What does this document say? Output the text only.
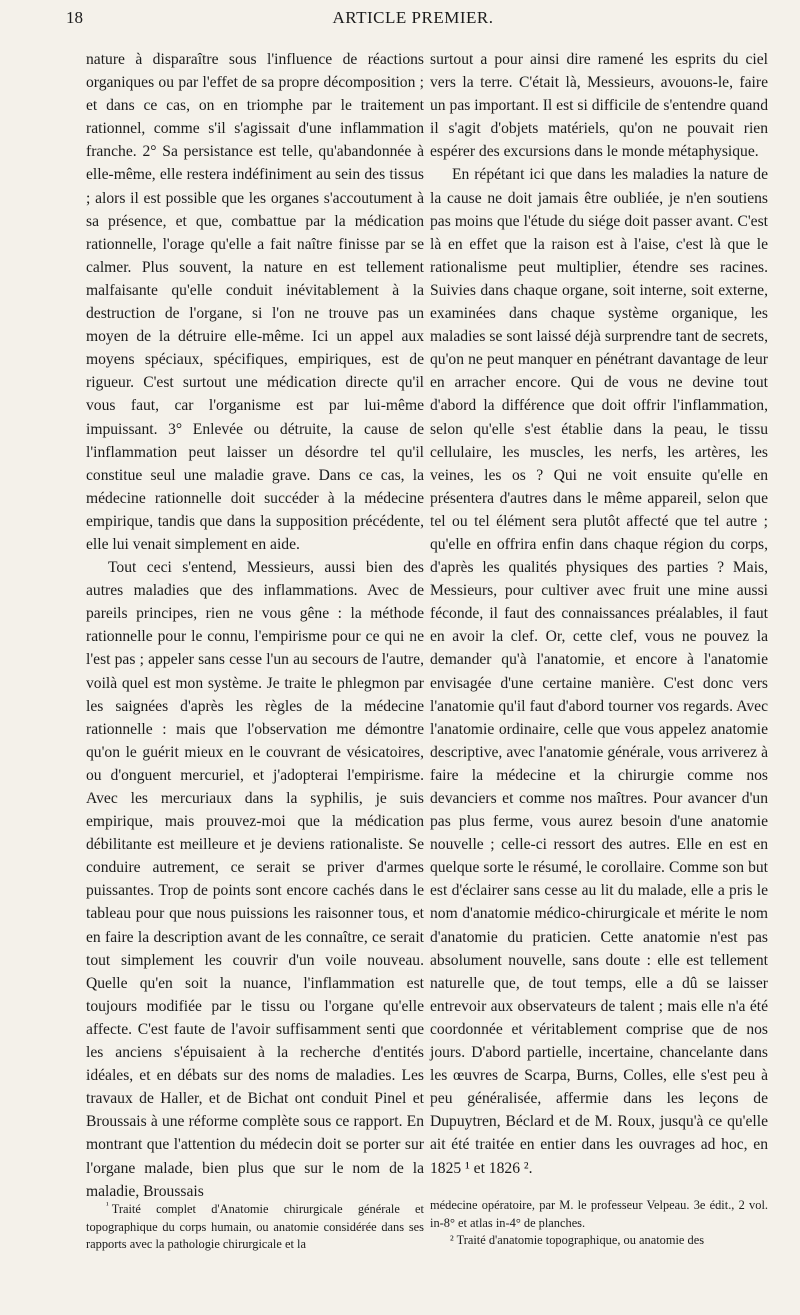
18	ARTICLE PREMIER.

nature à disparaître sous l'influence de réactions organiques ou par l'effet de sa propre décomposition ; et dans ce cas, on en triomphe par le traitement rationnel, comme s'il s'agissait d'une inflammation franche. 2° Sa persistance est telle, qu'abandonnée à elle-même, elle restera indéfiniment au sein des tissus ; alors il est possible que les organes s'accoutument à sa présence, et que, combattue par la médication rationnelle, l'orage qu'elle a fait naître finisse par se calmer. Plus souvent, la nature en est tellement malfaisante qu'elle conduit inévitablement à la destruction de l'organe, si l'on ne trouve pas un moyen de la détruire elle-même. Ici un appel aux moyens spéciaux, spécifiques, empiriques, est de rigueur. C'est surtout une médication directe qu'il vous faut, car l'organisme est par lui-même impuissant. 3° Enlevée ou détruite, la cause de l'inflammation peut laisser un désordre tel qu'il constitue seul une maladie grave. Dans ce cas, la médecine rationnelle doit succéder à la médecine empirique, tandis que dans la supposition précédente, elle lui venait simplement en aide.

Tout ceci s'entend, Messieurs, aussi bien des autres maladies que des inflammations. Avec de pareils principes, rien ne vous gêne : la méthode rationnelle pour le connu, l'empirisme pour ce qui ne l'est pas ; appeler sans cesse l'un au secours de l'autre, voilà quel est mon système. Je traite le phlegmon par les saignées d'après les règles de la médecine rationnelle : mais que l'observation me démontre qu'on le guérit mieux en le couvrant de vésicatoires, ou d'onguent mercuriel, et j'adopterai l'empirisme. Avec les mercuriaux dans la syphilis, je suis empirique, mais prouvez-moi que la médication débilitante est meilleure et je deviens rationaliste. Se conduire autrement, ce serait se priver d'armes puissantes. Trop de points sont encore cachés dans le tableau pour que nous puissions les raisonner tous, et en faire la description avant de les connaître, ce serait tout simplement les couvrir d'un voile nouveau. Quelle qu'en soit la nuance, l'inflammation est toujours modifiée par le tissu ou l'organe qu'elle affecte. C'est faute de l'avoir suffisamment senti que les anciens s'épuisaient à la recherche d'entités idéales, et en débats sur des noms de maladies. Les travaux de Haller, et de Bichat ont conduit Pinel et Broussais à une réforme complète sous ce rapport. En montrant que l'attention du médecin doit se porter sur l'organe malade, bien plus que sur le nom de la maladie, Broussais

surtout a pour ainsi dire ramené les esprits du ciel vers la terre. C'était là, Messieurs, avouons-le, faire un pas important. Il est si difficile de s'entendre quand il s'agit d'objets matériels, qu'on ne pouvait rien espérer des excursions dans le monde métaphysique.

En répétant ici que dans les maladies la nature de la cause ne doit jamais être oubliée, je n'en soutiens pas moins que l'étude du siége doit passer avant. C'est là en effet que la raison est à l'aise, c'est là que le rationalisme peut multiplier, étendre ses racines. Suivies dans chaque organe, soit interne, soit externe, examinées dans chaque système organique, les maladies se sont laissé déjà surprendre tant de secrets, qu'on ne peut manquer en pénétrant davantage de leur en arracher encore. Qui de vous ne devine tout d'abord la différence que doit offrir l'inflammation, selon qu'elle s'est établie dans la peau, le tissu cellulaire, les muscles, les nerfs, les artères, les veines, les os ? Qui ne voit ensuite qu'elle en présentera d'autres dans le même appareil, selon que tel ou tel élément sera plutôt affecté que tel autre ; qu'elle en offrira enfin dans chaque région du corps, d'après les qualités physiques des parties ? Mais, Messieurs, pour cultiver avec fruit une mine aussi féconde, il faut des connaissances préalables, il faut en avoir la clef. Or, cette clef, vous ne pouvez la demander qu'à l'anatomie, et encore à l'anatomie envisagée d'une certaine manière. C'est donc vers l'anatomie qu'il faut d'abord tourner vos regards. Avec l'anatomie ordinaire, celle que vous appelez anatomie descriptive, avec l'anatomie générale, vous arriverez à faire la médecine et la chirurgie comme nos devanciers et comme nos maîtres. Pour avancer d'un pas plus ferme, vous aurez besoin d'une anatomie nouvelle ; celle-ci ressort des autres. Elle en est en quelque sorte le résumé, le corollaire. Comme son but est d'éclairer sans cesse au lit du malade, elle a pris le nom d'anatomie médico-chirurgicale et mérite le nom d'anatomie du praticien. Cette anatomie n'est pas absolument nouvelle, sans doute : elle est tellement naturelle que, de tout temps, elle a dû se laisser entrevoir aux observateurs de talent ; mais elle n'a été coordonnée et véritablement comprise que de nos jours. D'abord partielle, incertaine, chancelante dans les œuvres de Scarpa, Burns, Colles, elle s'est peu à peu généralisée, affermie dans les leçons de Dupuytren, Béclard et de M. Roux, jusqu'à ce qu'elle ait été traitée en entier dans les ouvrages ad hoc, en 1825 ¹ et 1826 ².

$^{^1}$ Traité complet d'Anatomie chirurgicale générale et topographique du corps humain, ou anatomie considérée dans ses rapports avec la pathologie chirurgicale et la

médecine opératoire, par M. le professeur Velpeau. 3e édit., 2 vol. in-8° et atlas in-4° de planches.

² Traité d'anatomie topographique, ou anatomie des
